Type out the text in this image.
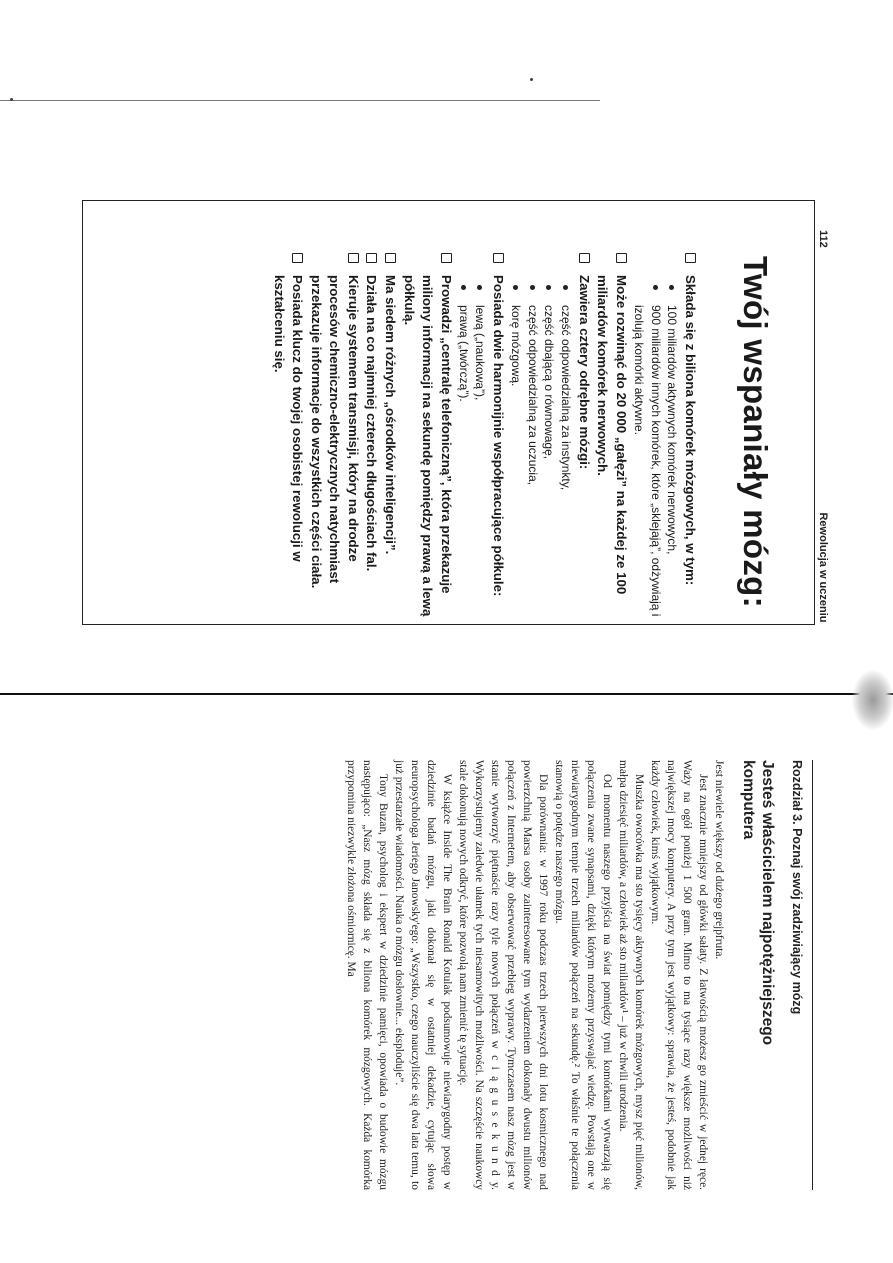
112
Rewolucja w uczeniu
Twój wspaniały mózg:
Składa się z biliona komórek mózgowych, w tym:
100 miliardów aktywnych komórek nerwowych,
900 miliardów innych komórek, które „sklejają”, odżywiają i izolują komórki aktywne.
Może rozwinąć do 20 000 „gałęzi” na każdej ze 100 miliardów komórek nerwowych.
Zawiera cztery odrębne mózgi:
część odpowiedzialną za instynkty,
część dbającą o równowagę,
część odpowiedzialną za uczucia,
korę mózgową.
Posiada dwie harmonijnie współpracujące półkule:
lewą („naukową”),
prawą („twórczą”).
Prowadzi „centralę telefoniczną”, która przekazuje miliony informacji na sekundę pomiędzy prawą a lewą półkulą.
Ma siedem różnych „ośrodków inteligencji”.
Działa na co najmniej czterech długościach fal.
Kieruje systemem transmisji, który na drodze procesów chemiczno-elektrycznych natychmiast przekazuje informacje do wszystkich części ciała.
Posiada klucz do twojej osobistej rewolucji w kształceniu się.
Rozdział 3. Poznaj swój zadziwiający mózg
Jesteś właścicielem najpotężniejszego komputera

Jest niewiele większy od dużego grejpfruta.

Jest znacznie mniejszy od główki sałaty. Z łatwością możesz go zmieścić w jednej ręce. Waży na ogół poniżej 1 500 gram. Mimo to ma tysiące razy większe możliwości niż największej mocy komputery. A przy tym jest wyjątkowy: sprawia, że jesteś, podobnie jak każdy człowiek, kimś wyjątkowym.

Muszka owocówka ma sto tysięcy aktywnych komórek mózgowych, mysz pięć milionów, małpa dziesięć miliardów, a człowiek aż sto miliardów¹ – już w chwili urodzenia.

Od momentu naszego przyjścia na świat pomiędzy tymi komórkami wytwarzają się połączenia zwane synapsami, dzięki którym możemy przyswajać wiedzę. Powstają one w niewiarygodnym tempie trzech miliardów połączeń na sekundę.² To właśnie te połączenia stanowią o potędze naszego mózgu.

Dla porównania: w 1997 roku podczas trzech pierwszych dni lotu kosmicznego nad powierzchnią Marsa osoby zainteresowane tym wydarzeniem dokonały dwustu milionów połączeń z Internetem, aby obserwować przebieg wyprawy. Tymczasem nasz mózg jest w stanie wytworzyć piętnaście razy tyle nowych połączeń w c i ą g u s e k u n d y. Wykorzystujemy zaledwie ułamek tych niesamowitych możliwości. Na szczęście naukowcy stale dokonują nowych odkryć, które pozwolą nam zmienić tę sytuację.

W książce Inside The Brain Ronald Kotulak podsumowuje niewiarygodny postęp w dziedzinie badań mózgu, jaki dokonał się w ostatniej dekadzie, cytując słowa neuropsychologa Jeriego Janowsky'ego: „Wszystko, czego nauczyliście się dwa lata temu, to już przestarzałe wiadomości. Nauka o mózgu dosłownie... eksploduje”.

Tony Buzan, psycholog i ekspert w dziedzinie pamięci, opowiada o budowie mózgu następująco: „Nasz mózg składa się z biliona komórek mózgowych. Każda komórka przypomina niezwykle złożona ośmiornicę. Ma
